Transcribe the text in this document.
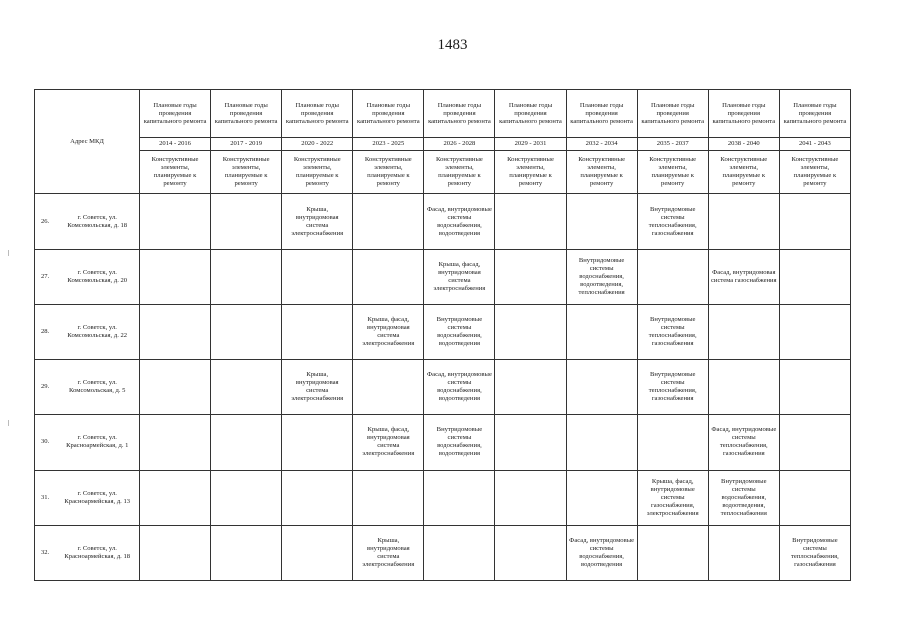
1483
Адрес МКД		Плановые годы проведения капитального ремонта	Плановые годы проведения капитального ремонта	Плановые годы проведения капитального ремонта	Плановые годы проведения капитального ремонта	Плановые годы проведения капитального ремонта	Плановые годы проведения капитального ремонта	Плановые годы проведения капитального ремонта	Плановые годы проведения капитального ремонта	Плановые годы проведения капитального ремонта	Плановые годы проведения капитального ремонта
		2014 - 2016	2017 - 2019	2020 - 2022	2023 - 2025	2026 - 2028	2029 - 2031	2032 - 2034	2035 - 2037	2038 - 2040	2041 - 2043
		Конструктивные элементы, планируемые к ремонту	Конструктивные элементы, планируемые к ремонту	Конструктивные элементы, планируемые к ремонту	Конструктивные элементы, планируемые к ремонту	Конструктивные элементы, планируемые к ремонту	Конструктивные элементы, планируемые к ремонту	Конструктивные элементы, планируемые к ремонту	Конструктивные элементы, планируемые к ремонту	Конструктивные элементы, планируемые к ремонту	Конструктивные элементы, планируемые к ремонту
26.	г. Советск, ул. Комсомольская, д. 18			Крыша, внутридомовая система электроснабжения		Фасад, внутридомовые системы водоснабжения, водоотведения			Внутридомовые системы теплоснабжения, газоснабжения		
27.	г. Советск, ул. Комсомольская, д. 20					Крыша, фасад, внутридомовая система электроснабжения		Внутридомовые системы водоснабжения, водоотведения, теплоснабжения		Фасад, внутридомовая система газоснабжения	
28.	г. Советск, ул. Комсомольская, д. 22				Крыша, фасад, внутридомовая система электроснабжения	Внутридомовые системы водоснабжения, водоотведения			Внутридомовые системы теплоснабжения, газоснабжения		
29.	г. Советск, ул. Комсомольская, д. 5			Крыша, внутридомовая система электроснабжения		Фасад, внутридомовые системы водоснабжения, водоотведения			Внутридомовые системы теплоснабжения, газоснабжения		
30.	г. Советск, ул. Красноармейская, д. 1				Крыша, фасад, внутридомовая система электроснабжения	Внутридомовые системы водоснабжения, водоотведения				Фасад, внутридомовые системы теплоснабжения, газоснабжения	
31.	г. Советск, ул. Красноармейская, д. 13								Крыша, фасад, внутридомовые системы газоснабжения, электроснабжения	Внутридомовые системы водоснабжения, водоотведения, теплоснабжения	
32.	г. Советск, ул. Красноармейская, д. 18				Крыша, внутридомовая система электроснабжения			Фасад, внутридомовые системы водоснабжения, водоотведения			Внутридомовые системы теплоснабжения, газоснабжения
